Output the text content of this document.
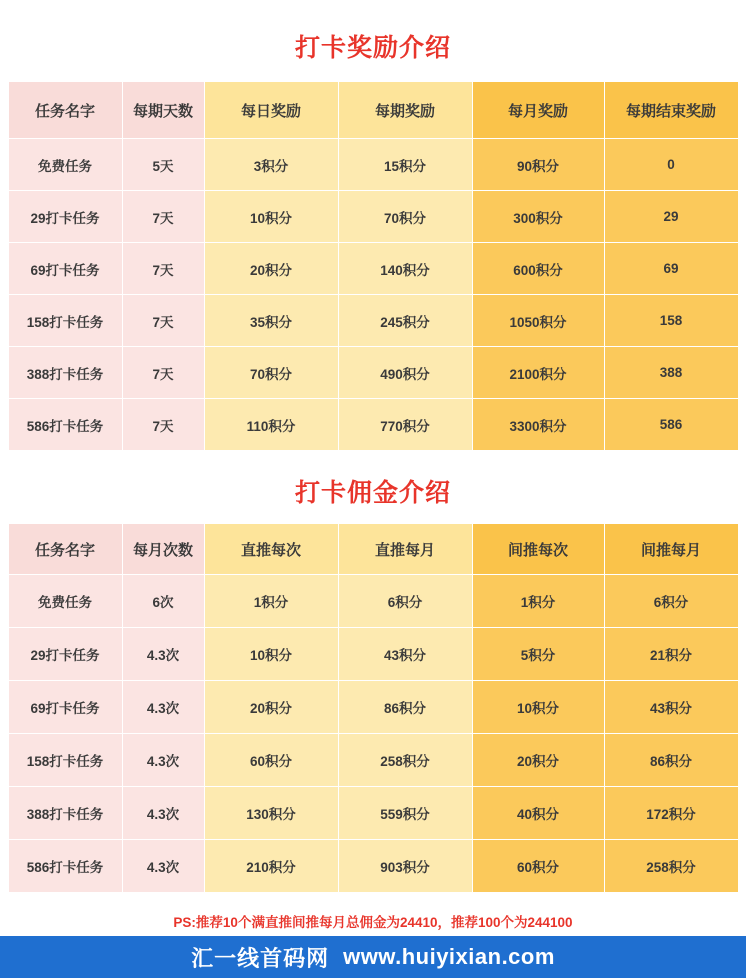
打卡奖励介绍
任务名字	每期天数	每日奖励	每期奖励	每月奖励	每期结束奖励
免费任务	5天	3积分	15积分	90积分	0
29打卡任务	7天	10积分	70积分	300积分	29
69打卡任务	7天	20积分	140积分	600积分	69
158打卡任务	7天	35积分	245积分	1050积分	158
388打卡任务	7天	70积分	490积分	2100积分	388
586打卡任务	7天	110积分	770积分	3300积分	586
打卡佣金介绍
任务名字	每月次数	直推每次	直推每月	间推每次	间推每月
免费任务	6次	1积分	6积分	1积分	6积分
29打卡任务	4.3次	10积分	43积分	5积分	21积分
69打卡任务	4.3次	20积分	86积分	10积分	43积分
158打卡任务	4.3次	60积分	258积分	20积分	86积分
388打卡任务	4.3次	130积分	559积分	40积分	172积分
586打卡任务	4.3次	210积分	903积分	60积分	258积分
PS:推荐10个满直推间推每月总佣金为24410，推荐100个为244100
汇一线首码网 www.huiyixian.com
